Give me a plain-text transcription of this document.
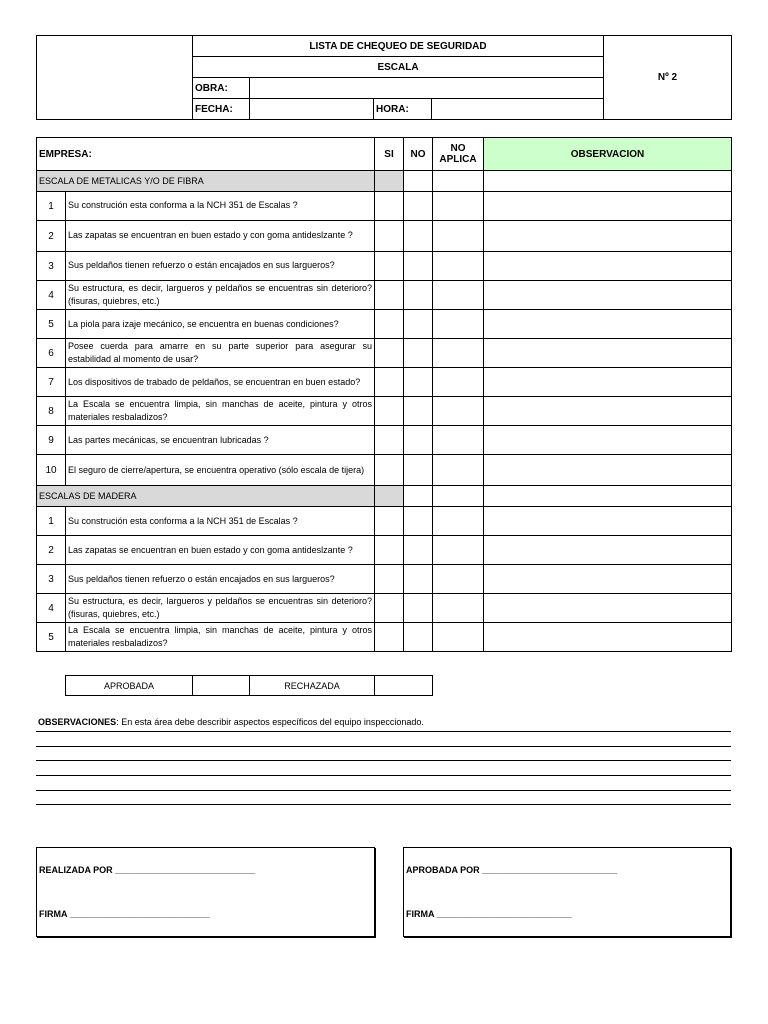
	LISTA DE CHEQUEO DE SEGURIDAD				Nº 2
	ESCALA				
	OBRA:				
	FECHA:		HORA:		
EMPRESA:		SI	NO	NO APLICA	OBSERVACION
ESCALA DE METALICAS Y/O DE FIBRA					
1	Su construción esta conforma a la NCH 351 de Escalas ?				
2	Las zapatas se encuentran en buen estado y con goma antideslzante ?				
3	Sus peldaños tienen refuerzo o están encajados en sus largueros?				
4	Su estructura, es decir, largueros y peldaños se encuentras sin deterioro? (fisuras, quiebres, etc.)				
5	La piola para izaje mecánico, se encuentra en buenas condiciones?				
6	Posee cuerda para amarre en su parte superior para asegurar su estabilidad al momento de usar?				
7	Los dispositivos de trabado de peldaños, se encuentran en buen estado?				
8	La Escala se encuentra limpia, sin manchas de aceite, pintura y otros materiales resbaladizos?				
9	Las partes mecánicas, se encuentran lubricadas ?				
10	El seguro de cierre/apertura, se encuentra operativo (sólo escala de tijera)				
ESCALAS DE MADERA					
1	Su construción esta conforma a la NCH 351 de Escalas ?				
2	Las zapatas se encuentran en buen estado y con goma antideslzante ?				
3	Sus peldaños tienen refuerzo o están encajados en sus largueros?				
4	Su estructura, es decir, largueros y peldaños se encuentras sin deterioro? (fisuras, quiebres, etc.)				
5	La Escala se encuentra limpia, sin manchas de aceite, pintura y otros materiales resbaladizos?				
APROBADA		RECHAZADA	
OBSERVACIONES: En esta área debe describir aspectos específicos del equipo inspeccionado.
REALIZADA POR ____________________________
FIRMA ____________________________
APROBADA POR ___________________________
FIRMA ___________________________
